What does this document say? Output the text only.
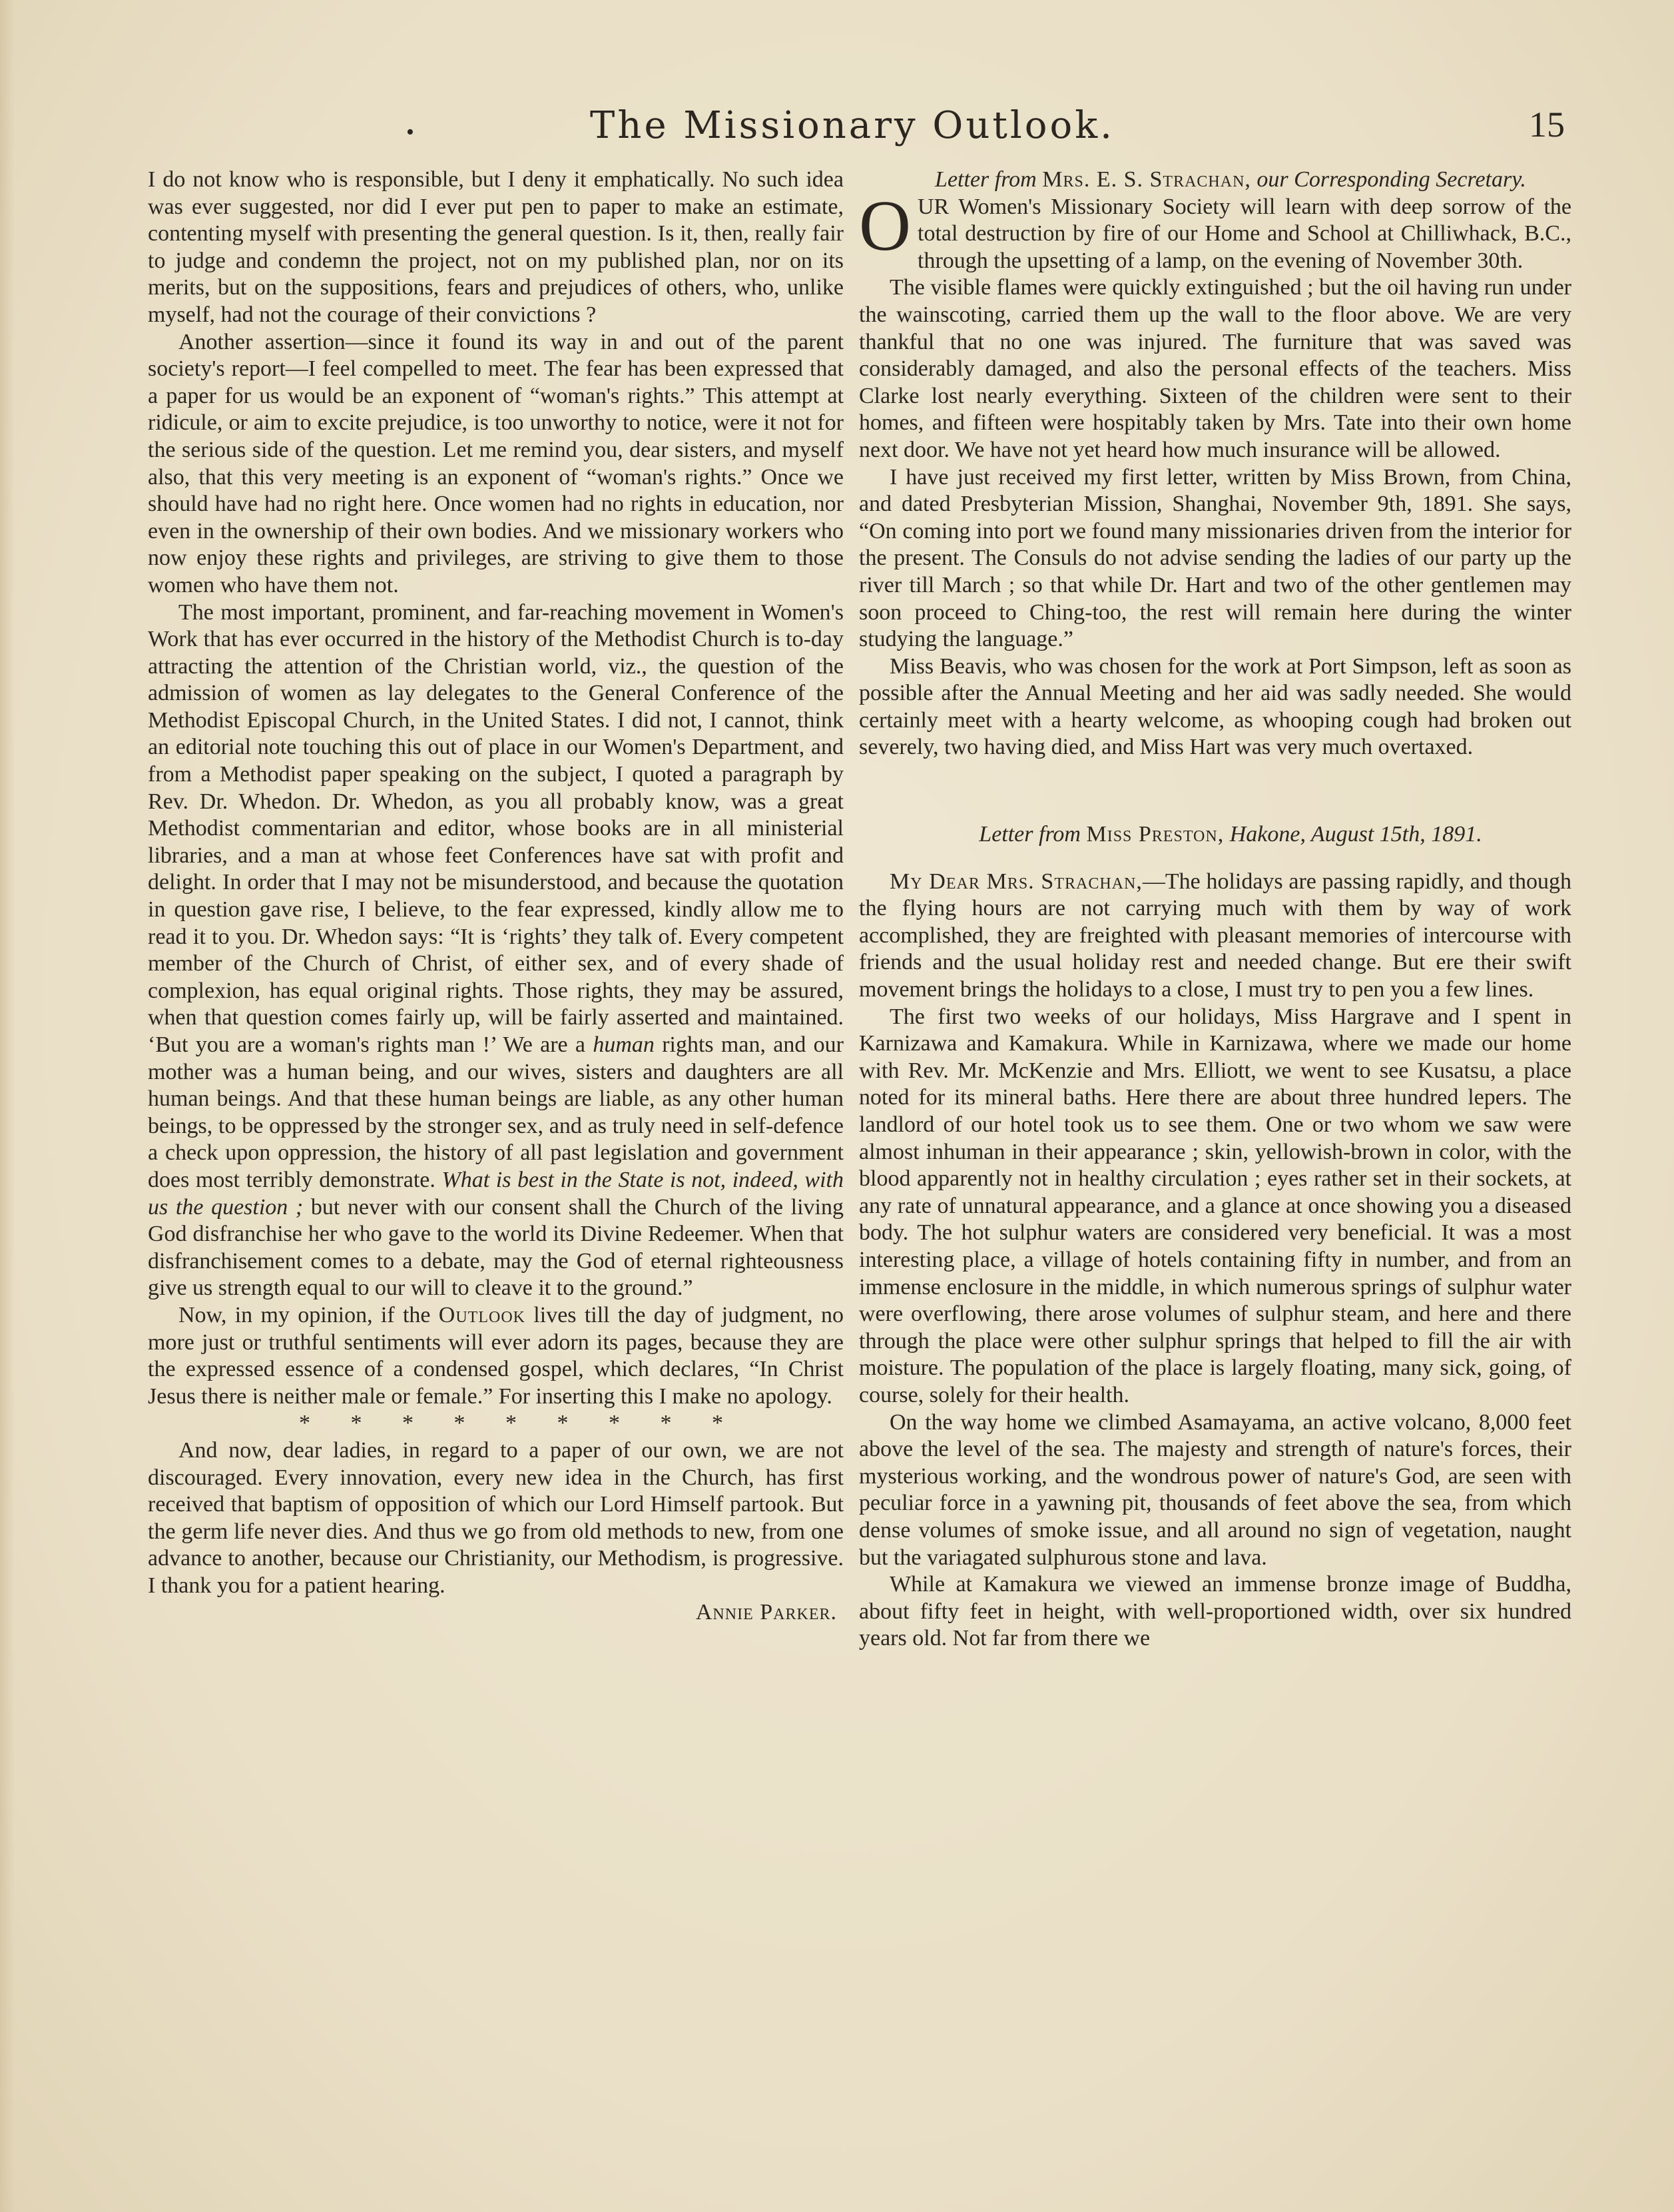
•	The Missionary Outlook.	15

I do not know who is responsible, but I deny it emphatically. No such idea was ever suggested, nor did I ever put pen to paper to make an estimate, contenting myself with presenting the general question. Is it, then, really fair to judge and condemn the project, not on my published plan, nor on its merits, but on the suppositions, fears and prejudices of others, who, unlike myself, had not the courage of their convictions ?

Another assertion—since it found its way in and out of the parent society's report—I feel compelled to meet. The fear has been expressed that a paper for us would be an exponent of “woman's rights.” This attempt at ridicule, or aim to excite prejudice, is too unworthy to notice, were it not for the serious side of the question. Let me remind you, dear sisters, and myself also, that this very meeting is an exponent of “woman's rights.” Once we should have had no right here. Once women had no rights in education, nor even in the ownership of their own bodies. And we missionary workers who now enjoy these rights and privileges, are striving to give them to those women who have them not.

The most important, prominent, and far-reaching movement in Women's Work that has ever occurred in the history of the Methodist Church is to-day attracting the attention of the Christian world, viz., the question of the admission of women as lay delegates to the General Conference of the Methodist Episcopal Church, in the United States. I did not, I cannot, think an editorial note touching this out of place in our Women's Department, and from a Methodist paper speaking on the subject, I quoted a paragraph by Rev. Dr. Whedon. Dr. Whedon, as you all probably know, was a great Methodist commentarian and editor, whose books are in all ministerial libraries, and a man at whose feet Conferences have sat with profit and delight. In order that I may not be misunderstood, and because the quotation in question gave rise, I believe, to the fear expressed, kindly allow me to read it to you. Dr. Whedon says: “It is ‘rights’ they talk of. Every competent member of the Church of Christ, of either sex, and of every shade of complexion, has equal original rights. Those rights, they may be assured, when that question comes fairly up, will be fairly asserted and maintained. ‘But you are a woman's rights man !’ We are a human rights man, and our mother was a human being, and our wives, sisters and daughters are all human beings. And that these human beings are liable, as any other human beings, to be oppressed by the stronger sex, and as truly need in self-defence a check upon oppression, the history of all past legislation and government does most terribly demonstrate. What is best in the State is not, indeed, with us the question ; but never with our consent shall the Church of the living God disfranchise her who gave to the world its Divine Redeemer. When that disfranchisement comes to a debate, may the God of eternal righteousness give us strength equal to our will to cleave it to the ground.”

Now, in my opinion, if the Outlook lives till the day of judgment, no more just or truthful sentiments will ever adorn its pages, because they are the expressed essence of a condensed gospel, which declares, “In Christ Jesus there is neither male or female.” For inserting this I make no apology.

* * * * * * * * *

And now, dear ladies, in regard to a paper of our own, we are not discouraged. Every innovation, every new idea in the Church, has first received that baptism of opposition of which our Lord Himself partook. But the germ life never dies. And thus we go from old methods to new, from one advance to another, because our Christianity, our Methodism, is progressive. I thank you for a patient hearing.

Annie Parker.

Letter from Mrs. E. S. Strachan, our Corresponding Secretary.

OUR Women's Missionary Society will learn with deep sorrow of the total destruction by fire of our Home and School at Chilliwhack, B.C., through the upsetting of a lamp, on the evening of November 30th.

The visible flames were quickly extinguished ; but the oil having run under the wainscoting, carried them up the wall to the floor above. We are very thankful that no one was injured. The furniture that was saved was considerably damaged, and also the personal effects of the teachers. Miss Clarke lost nearly everything. Sixteen of the children were sent to their homes, and fifteen were hospitably taken by Mrs. Tate into their own home next door. We have not yet heard how much insurance will be allowed.

I have just received my first letter, written by Miss Brown, from China, and dated Presbyterian Mission, Shanghai, November 9th, 1891. She says, “On coming into port we found many missionaries driven from the interior for the present. The Consuls do not advise sending the ladies of our party up the river till March ; so that while Dr. Hart and two of the other gentlemen may soon proceed to Ching-too, the rest will remain here during the winter studying the language.”

Miss Beavis, who was chosen for the work at Port Simpson, left as soon as possible after the Annual Meeting and her aid was sadly needed. She would certainly meet with a hearty welcome, as whooping cough had broken out severely, two having died, and Miss Hart was very much overtaxed.

Letter from Miss Preston, Hakone, August 15th, 1891.

My Dear Mrs. Strachan,—The holidays are passing rapidly, and though the flying hours are not carrying much with them by way of work accomplished, they are freighted with pleasant memories of intercourse with friends and the usual holiday rest and needed change. But ere their swift movement brings the holidays to a close, I must try to pen you a few lines.

The first two weeks of our holidays, Miss Hargrave and I spent in Karnizawa and Kamakura. While in Karnizawa, where we made our home with Rev. Mr. McKenzie and Mrs. Elliott, we went to see Kusatsu, a place noted for its mineral baths. Here there are about three hundred lepers. The landlord of our hotel took us to see them. One or two whom we saw were almost inhuman in their appearance ; skin, yellowish-brown in color, with the blood apparently not in healthy circulation ; eyes rather set in their sockets, at any rate of unnatural appearance, and a glance at once showing you a diseased body. The hot sulphur waters are considered very beneficial. It was a most interesting place, a village of hotels containing fifty in number, and from an immense enclosure in the middle, in which numerous springs of sulphur water were overflowing, there arose volumes of sulphur steam, and here and there through the place were other sulphur springs that helped to fill the air with moisture. The population of the place is largely floating, many sick, going, of course, solely for their health.

On the way home we climbed Asamayama, an active volcano, 8,000 feet above the level of the sea. The majesty and strength of nature's forces, their mysterious working, and the wondrous power of nature's God, are seen with peculiar force in a yawning pit, thousands of feet above the sea, from which dense volumes of smoke issue, and all around no sign of vegetation, naught but the variagated sulphurous stone and lava.

While at Kamakura we viewed an immense bronze image of Buddha, about fifty feet in height, with well-proportioned width, over six hundred years old. Not far from there we
